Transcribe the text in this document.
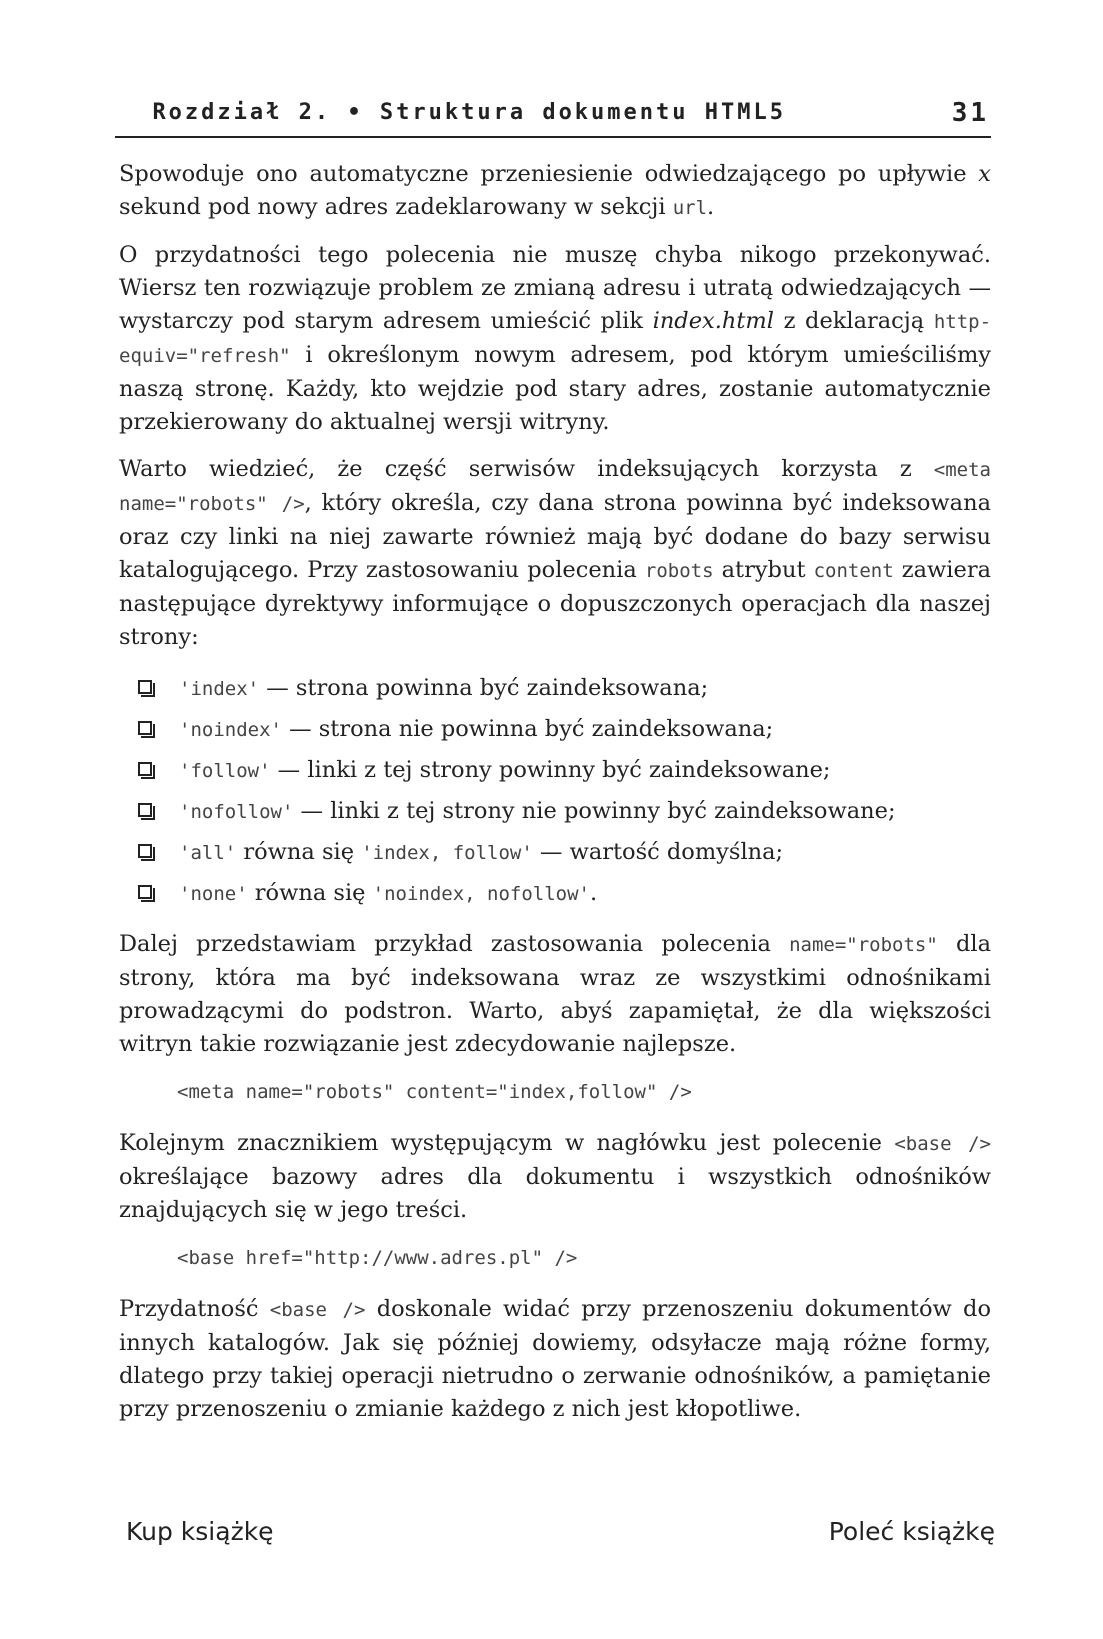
Rozdział 2. • Struktura dokumentu HTML5	31

Spowoduje ono automatyczne przeniesienie odwiedzającego po upływie x sekund pod nowy adres zadeklarowany w sekcji url.

O przydatności tego polecenia nie muszę chyba nikogo przekonywać. Wiersz ten rozwiązuje problem ze zmianą adresu i utratą odwiedzających — wystarczy pod starym adresem umieścić plik index.html z deklaracją http-equiv="refresh" i określonym nowym adresem, pod którym umieściliśmy naszą stronę. Każdy, kto wejdzie pod stary adres, zostanie automatycznie przekierowany do aktualnej wersji witryny.

Warto wiedzieć, że część serwisów indeksujących korzysta z <meta name="robots" />, który określa, czy dana strona powinna być indeksowana oraz czy linki na niej zawarte również mają być dodane do bazy serwisu katalogującego. Przy zastosowaniu polecenia robots atrybut content zawiera następujące dyrektywy informujące o dopuszczonych operacjach dla naszej strony:

'index' — strona powinna być zaindeksowana;
'noindex' — strona nie powinna być zaindeksowana;
'follow' — linki z tej strony powinny być zaindeksowane;
'nofollow' — linki z tej strony nie powinny być zaindeksowane;
'all' równa się 'index, follow' — wartość domyślna;
'none' równa się 'noindex, nofollow'.

Dalej przedstawiam przykład zastosowania polecenia name="robots" dla strony, która ma być indeksowana wraz ze wszystkimi odnośnikami prowadzącymi do podstron. Warto, abyś zapamiętał, że dla większości witryn takie rozwiązanie jest zdecydowanie najlepsze.

<meta name="robots" content="index,follow" />

Kolejnym znacznikiem występującym w nagłówku jest polecenie <base /> określające bazowy adres dla dokumentu i wszystkich odnośników znajdujących się w jego treści.

<base href="http://www.adres.pl" />

Przydatność <base /> doskonale widać przy przenoszeniu dokumentów do innych katalogów. Jak się później dowiemy, odsyłacze mają różne formy, dlatego przy takiej operacji nietrudno o zerwanie odnośników, a pamiętanie przy przenoszeniu o zmianie każdego z nich jest kłopotliwe.

Kup książkę	Poleć książkę
